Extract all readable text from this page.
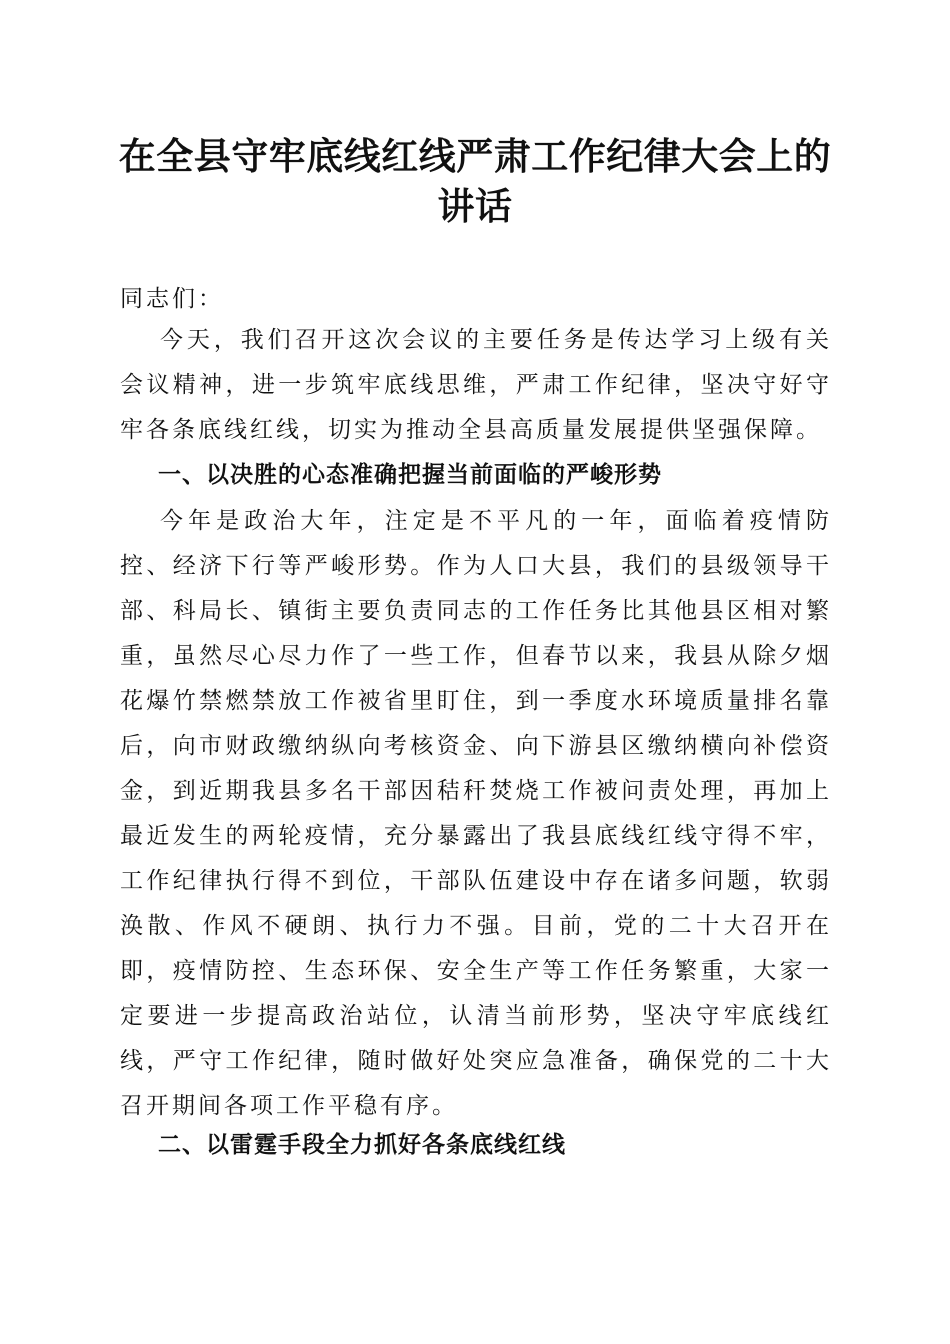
在全县守牢底线红线严肃工作纪律大会上的讲话

同志们：

今天，我们召开这次会议的主要任务是传达学习上级有关会议精神，进一步筑牢底线思维，严肃工作纪律，坚决守好守牢各条底线红线，切实为推动全县高质量发展提供坚强保障。

一、以决胜的心态准确把握当前面临的严峻形势

今年是政治大年，注定是不平凡的一年，面临着疫情防控、经济下行等严峻形势。作为人口大县，我们的县级领导干部、科局长、镇街主要负责同志的工作任务比其他县区相对繁重，虽然尽心尽力作了一些工作，但春节以来，我县从除夕烟花爆竹禁燃禁放工作被省里盯住，到一季度水环境质量排名靠后，向市财政缴纳纵向考核资金、向下游县区缴纳横向补偿资金，到近期我县多名干部因秸秆焚烧工作被问责处理，再加上最近发生的两轮疫情，充分暴露出了我县底线红线守得不牢，工作纪律执行得不到位，干部队伍建设中存在诸多问题，软弱涣散、作风不硬朗、执行力不强。目前，党的二十大召开在即，疫情防控、生态环保、安全生产等工作任务繁重，大家一定要进一步提高政治站位，认清当前形势，坚决守牢底线红线，严守工作纪律，随时做好处突应急准备，确保党的二十大召开期间各项工作平稳有序。

二、以雷霆手段全力抓好各条底线红线
